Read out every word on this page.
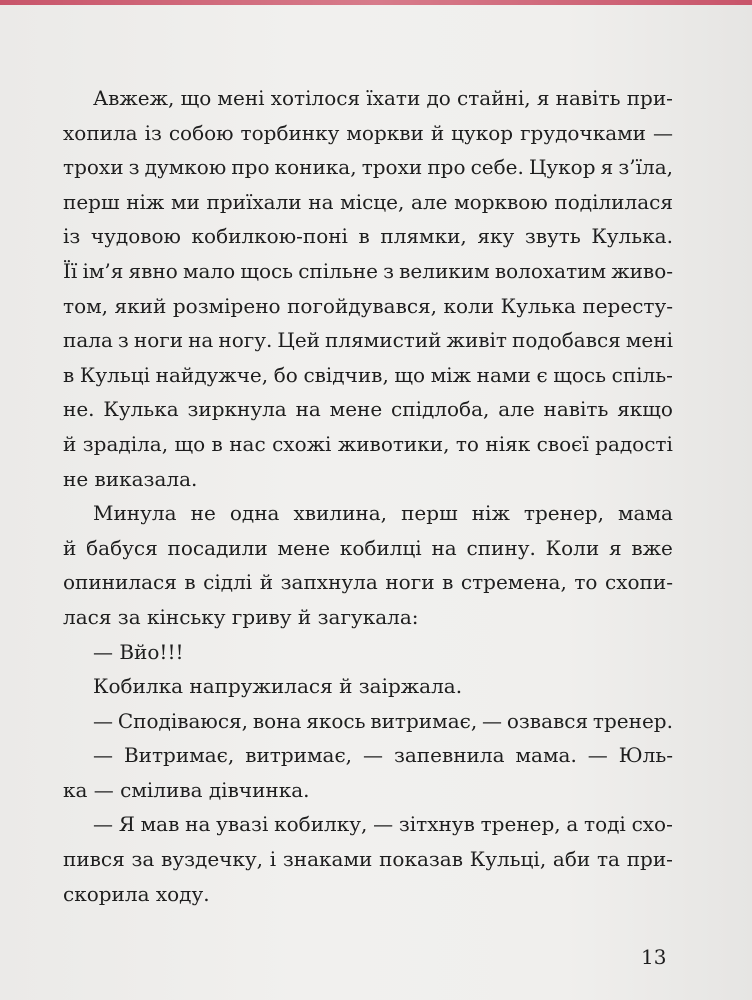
Авжеж, що мені хотілося їхати до стайні, я навіть при-
хопила із собою торбинку моркви й цукор грудочками —
трохи з думкою про коника, трохи про себе. Цукор я з’їла,
перш ніж ми приїхали на місце, але морквою поділилася
із чудовою кобилкою-поні в плямки, яку звуть Кулька.
Її ім’я явно мало щось спільне з великим волохатим живо-
том, який розмірено погойдувався, коли Кулька пересту-
пала з ноги на ногу. Цей плямистий живіт подобався мені
в Кульці найдужче, бо свідчив, що між нами є щось спіль-
не. Кулька зиркнула на мене спідлоба, але навіть якщо
й зраділа, що в нас схожі животики, то ніяк своєї радості
не виказала.
Минула не одна хвилина, перш ніж тренер, мама
й бабуся посадили мене кобилці на спину. Коли я вже
опинилася в сідлі й запхнула ноги в стремена, то схопи-
лася за кінську гриву й загукала:
— Вйо!!!
Кобилка напружилася й заіржала.
— Сподіваюся, вона якось витримає, — озвався тренер.
— Витримає, витримає, — запевнила мама. — Юль-
ка — смілива дівчинка.
— Я мав на увазі кобилку, — зітхнув тренер, а тоді схо-
пився за вуздечку, і знаками показав Кульці, аби та при-
скорила ходу.
13
